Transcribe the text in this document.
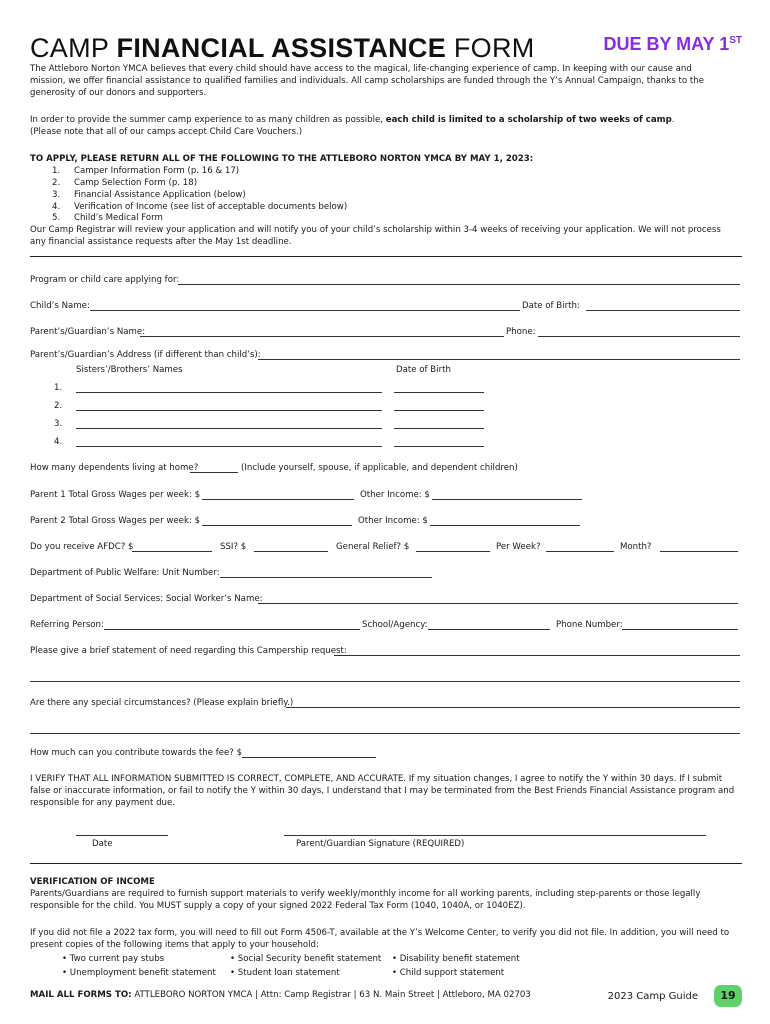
CAMP FINANCIAL ASSISTANCE FORM	DUE BY MAY 1ST
The Attleboro Norton YMCA believes that every child should have access to the magical, life-changing experience of camp. In keeping with our cause and mission, we offer financial assistance to qualified families and individuals. All camp scholarships are funded through the Y’s Annual Campaign, thanks to the generosity of our donors and supporters.
In order to provide the summer camp experience to as many children as possible, each child is limited to a scholarship of two weeks of camp.
(Please note that all of our camps accept Child Care Vouchers.)
TO APPLY, PLEASE RETURN ALL OF THE FOLLOWING TO THE ATTLEBORO NORTON YMCA BY MAY 1, 2023:
1. Camper Information Form (p. 16 & 17)
2. Camp Selection Form (p. 18)
3. Financial Assistance Application (below)
4. Verification of Income (see list of acceptable documents below)
5. Child’s Medical Form
Our Camp Registrar will review your application and will notify you of your child’s scholarship within 3-4 weeks of receiving your application. We will not process any financial assistance requests after the May 1st deadline.
Program or child care applying for:
Child’s Name:	Date of Birth:
Parent’s/Guardian’s Name:	Phone:
Parent’s/Guardian’s Address (if different than child’s):
Sisters’/Brothers’ Names	Date of Birth
1.
2.
3.
4.
How many dependents living at home?	(Include yourself, spouse, if applicable, and dependent children)
Parent 1 Total Gross Wages per week: $	Other Income: $
Parent 2 Total Gross Wages per week: $	Other Income: $
Do you receive AFDC? $	SSI? $	General Relief? $	Per Week?	Month?
Department of Public Welfare: Unit Number:
Department of Social Services: Social Worker’s Name:
Referring Person:	School/Agency:	Phone Number:
Please give a brief statement of need regarding this Campership request:
Are there any special circumstances? (Please explain briefly.)
How much can you contribute towards the fee? $
I VERIFY THAT ALL INFORMATION SUBMITTED IS CORRECT, COMPLETE, AND ACCURATE. If my situation changes, I agree to notify the Y within 30 days. If I submit false or inaccurate information, or fail to notify the Y within 30 days, I understand that I may be terminated from the Best Friends Financial Assistance program and responsible for any payment due.
Date	Parent/Guardian Signature (REQUIRED)
VERIFICATION OF INCOME
Parents/Guardians are required to furnish support materials to verify weekly/monthly income for all working parents, including step-parents or those legally responsible for the child. You MUST supply a copy of your signed 2022 Federal Tax Form (1040, 1040A, or 1040EZ).
If you did not file a 2022 tax form, you will need to fill out Form 4506-T, available at the Y’s Welcome Center, to verify you did not file. In addition, you will need to present copies of the following items that apply to your household:
• Two current pay stubs	• Social Security benefit statement • Disability benefit statement
• Unemployment benefit statement • Student loan statement	• Child support statement
MAIL ALL FORMS TO: ATTLEBORO NORTON YMCA | Attn: Camp Registrar | 63 N. Main Street | Attleboro, MA 02703	2023 Camp Guide	19
